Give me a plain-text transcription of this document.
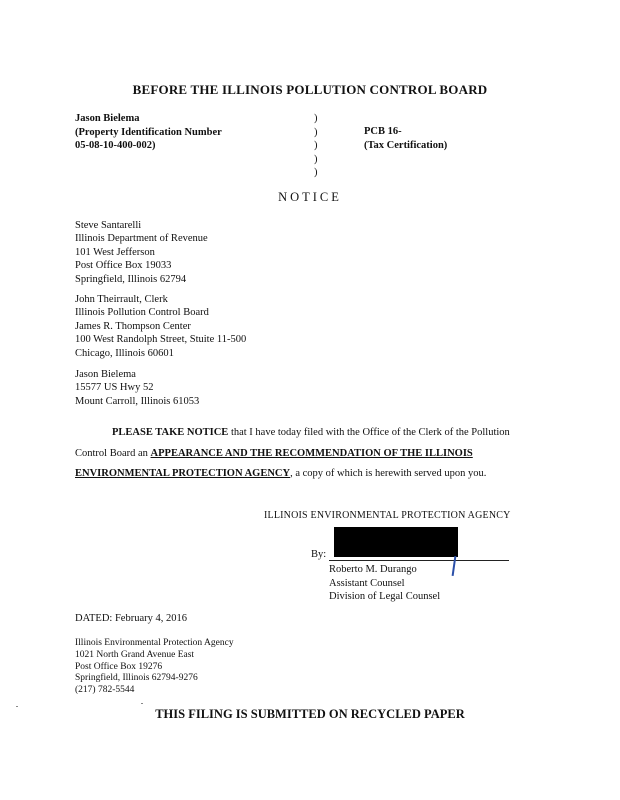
BEFORE THE ILLINOIS POLLUTION CONTROL BOARD
Jason Bielema
(Property Identification Number
05-08-10-400-002)
)
)
)
)
)
PCB 16-
(Tax Certification)
NOTICE
Steve Santarelli
Illinois Department of Revenue
101 West Jefferson
Post Office Box 19033
Springfield, Illinois 62794
John Theirrault, Clerk
Illinois Pollution Control Board
James R. Thompson Center
100 West Randolph Street, Stuite 11-500
Chicago, Illinois 60601
Jason Bielema
15577 US Hwy 52
Mount Carroll, Illinois 61053
PLEASE TAKE NOTICE that I have today filed with the Office of the Clerk of the Pollution Control Board an APPEARANCE AND THE RECOMMENDATION OF THE ILLINOIS ENVIRONMENTAL PROTECTION AGENCY, a copy of which is herewith served upon you.
ILLINOIS ENVIRONMENTAL PROTECTION AGENCY
By:
Roberto M. Durango
Assistant Counsel
Division of Legal Counsel
DATED: February 4, 2016
Illinois Environmental Protection Agency
1021 North Grand Avenue East
Post Office Box 19276
Springfield, Illinois 62794-9276
(217) 782-5544
THIS FILING IS SUBMITTED ON RECYCLED PAPER
